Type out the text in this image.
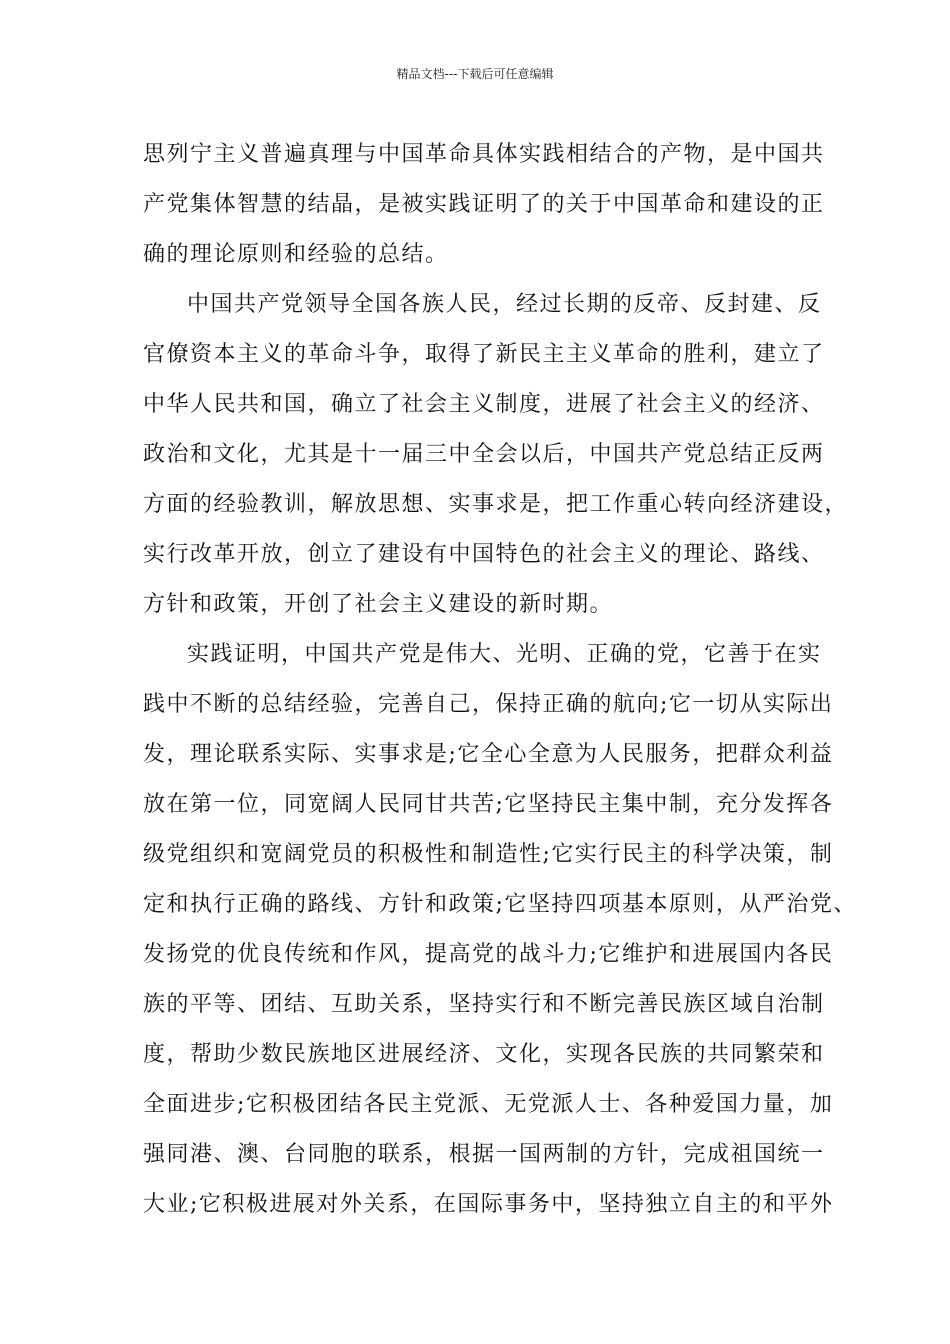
精品文档---下载后可任意编辑
思列宁主义普遍真理与中国革命具体实践相结合的产物，是中国共
产党集体智慧的结晶，是被实践证明了的关于中国革命和建设的正
确的理论原则和经验的总结。
中国共产党领导全国各族人民，经过长期的反帝、反封建、反
官僚资本主义的革命斗争，取得了新民主主义革命的胜利，建立了
中华人民共和国，确立了社会主义制度，进展了社会主义的经济、
政治和文化，尤其是十一届三中全会以后，中国共产党总结正反两
方面的经验教训，解放思想、实事求是，把工作重心转向经济建设，
实行改革开放，创立了建设有中国特色的社会主义的理论、路线、
方针和政策，开创了社会主义建设的新时期。
实践证明，中国共产党是伟大、光明、正确的党，它善于在实
践中不断的总结经验，完善自己，保持正确的航向;它一切从实际出
发，理论联系实际、实事求是;它全心全意为人民服务，把群众利益
放在第一位，同宽阔人民同甘共苦;它坚持民主集中制，充分发挥各
级党组织和宽阔党员的积极性和制造性;它实行民主的科学决策，制
定和执行正确的路线、方针和政策;它坚持四项基本原则，从严治党、
发扬党的优良传统和作风，提高党的战斗力;它维护和进展国内各民
族的平等、团结、互助关系，坚持实行和不断完善民族区域自治制
度，帮助少数民族地区进展经济、文化，实现各民族的共同繁荣和
全面进步;它积极团结各民主党派、无党派人士、各种爱国力量，加
强同港、澳、台同胞的联系，根据一国两制的方针，完成祖国统一
大业;它积极进展对外关系，在国际事务中，坚持独立自主的和平外
